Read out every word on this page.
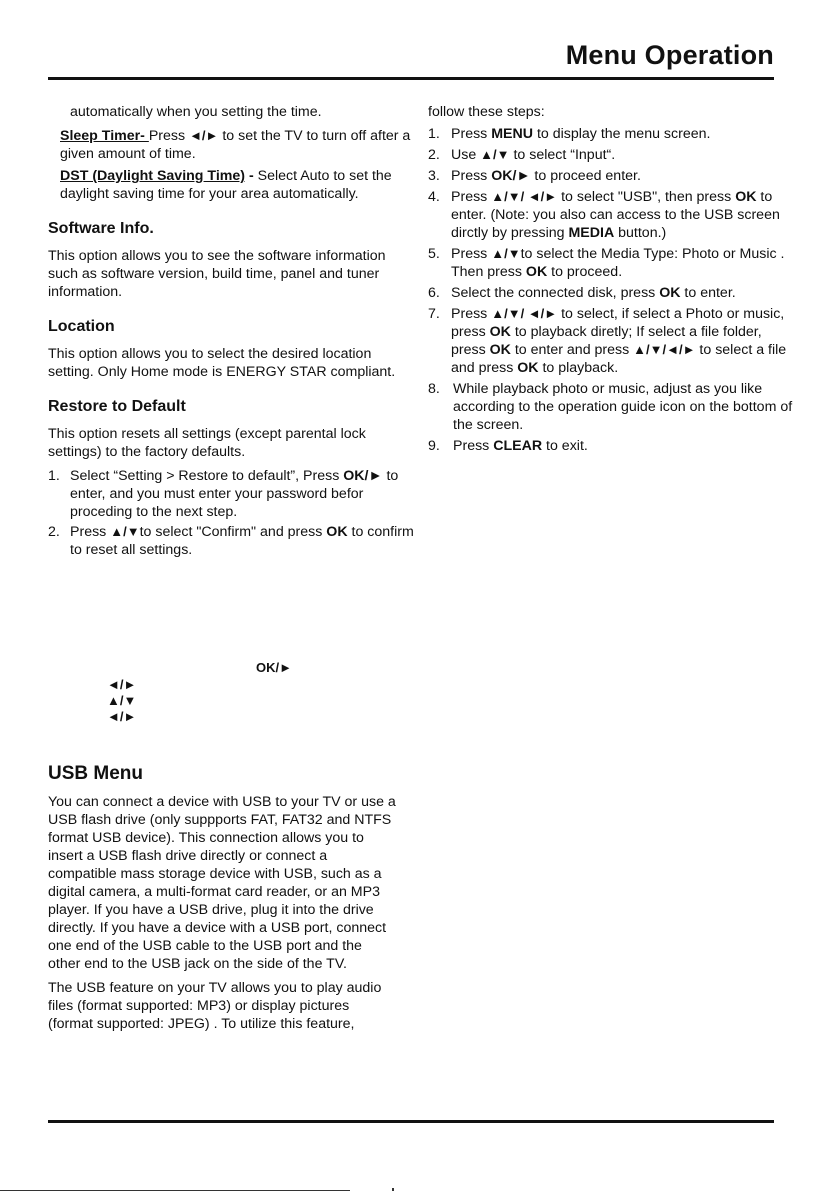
Menu Operation

automatically when you setting the time.

Sleep Timer- Press ◄/► to set the TV to turn off after a given amount of time.

DST (Daylight Saving Time) - Select Auto to set the daylight saving time for your area automatically.

Software Info.

This option allows you to see the software information such as software version, build time, panel and tuner information.

Location

This option allows you to select the desired location setting. Only Home mode is ENERGY STAR compliant.

Restore to Default

This option resets all settings (except parental lock settings) to the factory defaults.

1. Select “Setting > Restore to default”, Press OK/► to enter, and you must enter your password befor proceding to the next step.
2. Press ▲/▼to select "Confirm" and press OK to confirm to reset all settings.
OK/►
◄/►
▲/▼
◄/►
USB Menu

You can connect a device with USB to your TV or use a USB flash drive (only suppports FAT, FAT32 and NTFS format USB device). This connection allows you to insert a USB flash drive directly or connect a compatible mass storage device with USB, such as a digital camera, a multi-format card reader, or an MP3 player. If you have a USB drive, plug it into the drive directly. If you have a device with a USB port, connect one end of the USB cable to the USB port and the other end to the USB jack on the side of the TV.

The USB feature on your TV allows you to play audio files (format supported: MP3) or display pictures (format supported: JPEG) . To utilize this feature,

follow these steps:

1. Press MENU to display the menu screen.
2. Use ▲/▼ to select “Input“.
3. Press OK/► to proceed enter.
4. Press ▲/▼/ ◄/► to select "USB", then press OK to enter. (Note: you also can access to the USB screen dirctly by pressing MEDIA button.)
5. Press ▲/▼to select the Media Type: Photo or Music . Then press OK to proceed.
6. Select the connected disk, press OK to enter.
7. Press ▲/▼/ ◄/► to select, if select a Photo or music, press OK to playback diretly; If select a file folder, press OK to enter and press ▲/▼/◄/► to select a file and press OK to playback.
8. While playback photo or music, adjust as you like according to the operation guide icon on the bottom of the screen.
9. Press CLEAR to exit.
